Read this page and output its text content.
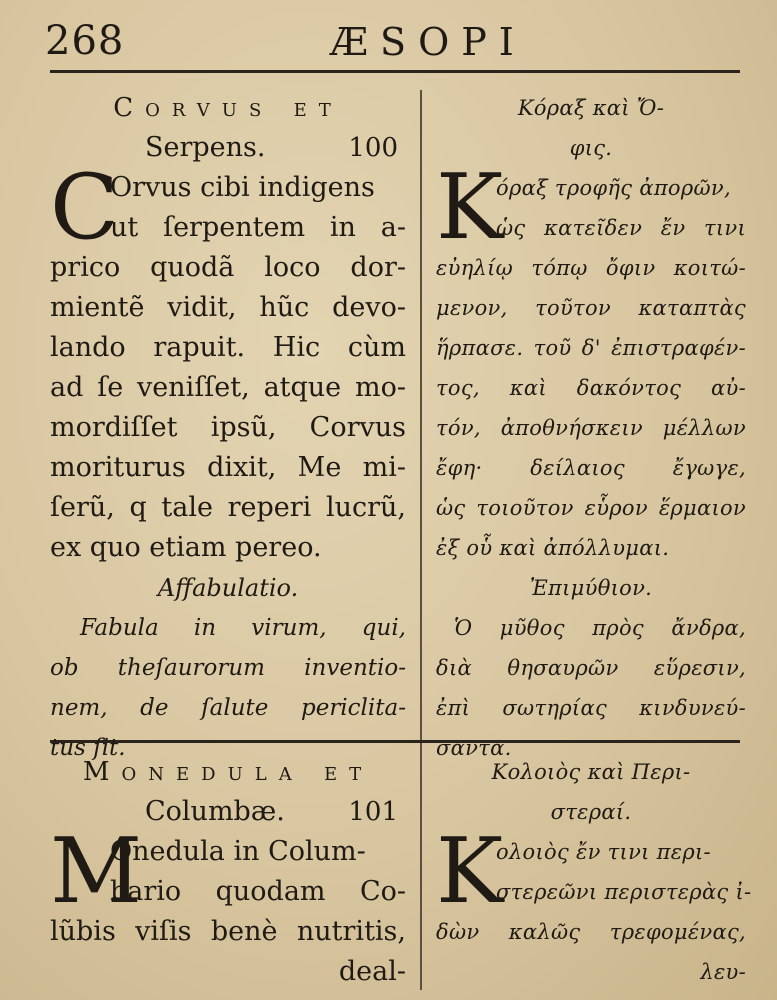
268	ÆSOPI
Corvus et
Serpens.	100
C
Orvus cibi indigens
ut ſerpentem in a-
prico quodã loco dor-
mientẽ vidit, hũc devo-
lando rapuit. Hic cùm
ad ſe veniſſet, atque mo-
mordiſſet ipsũ, Corvus
moriturus dixit, Me mi-
ſerũ, q tale reperi lucrũ,
ex quo etiam pereo.
Affabulatio.
Fabula in virum, qui,
ob theſaurorum inventio-
nem, de ſalute periclita-
tus ſit.
Κόραξ καὶ Ὄ-
φις.
Κ
όραξ τροφῆς ἀπορῶν,
ὡς κατεῖδεν ἔν τινι
εὐηλίῳ τόπῳ ὄφιν κοιτώ-
μενον, τοῦτον καταπτὰς
ἥρπασε. τοῦ δ' ἐπιστραφέν-
τος, καὶ δακόντος αὐ-
τόν, ἀποθνήσκειν μέλλων
ἔφη· δείλαιος ἔγωγε,
ὡς τοιοῦτον εὗρον ἕρμαιον
ἐξ οὗ καὶ ἀπόλλυμαι.
Ἐπιμύθιον.
Ὁ μῦθος πρὸς ἄνδρα,
διὰ θησαυρῶν εὕρεσιν,
ἐπὶ σωτηρίας κινδυνεύ-
σαντα.
Monedula et
Columbæ. 101
M
Onedula in Colum-
bario quodam Co-
lũbis viſis benè nutritis,
deal-
Κολοιὸς καὶ Περι-
στεραί.
Κ
ολοιὸς ἔν τινι περι-
στερεῶνι περιστερὰς ἰ-
δὼν καλῶς τρεφομένας,
λευ-
